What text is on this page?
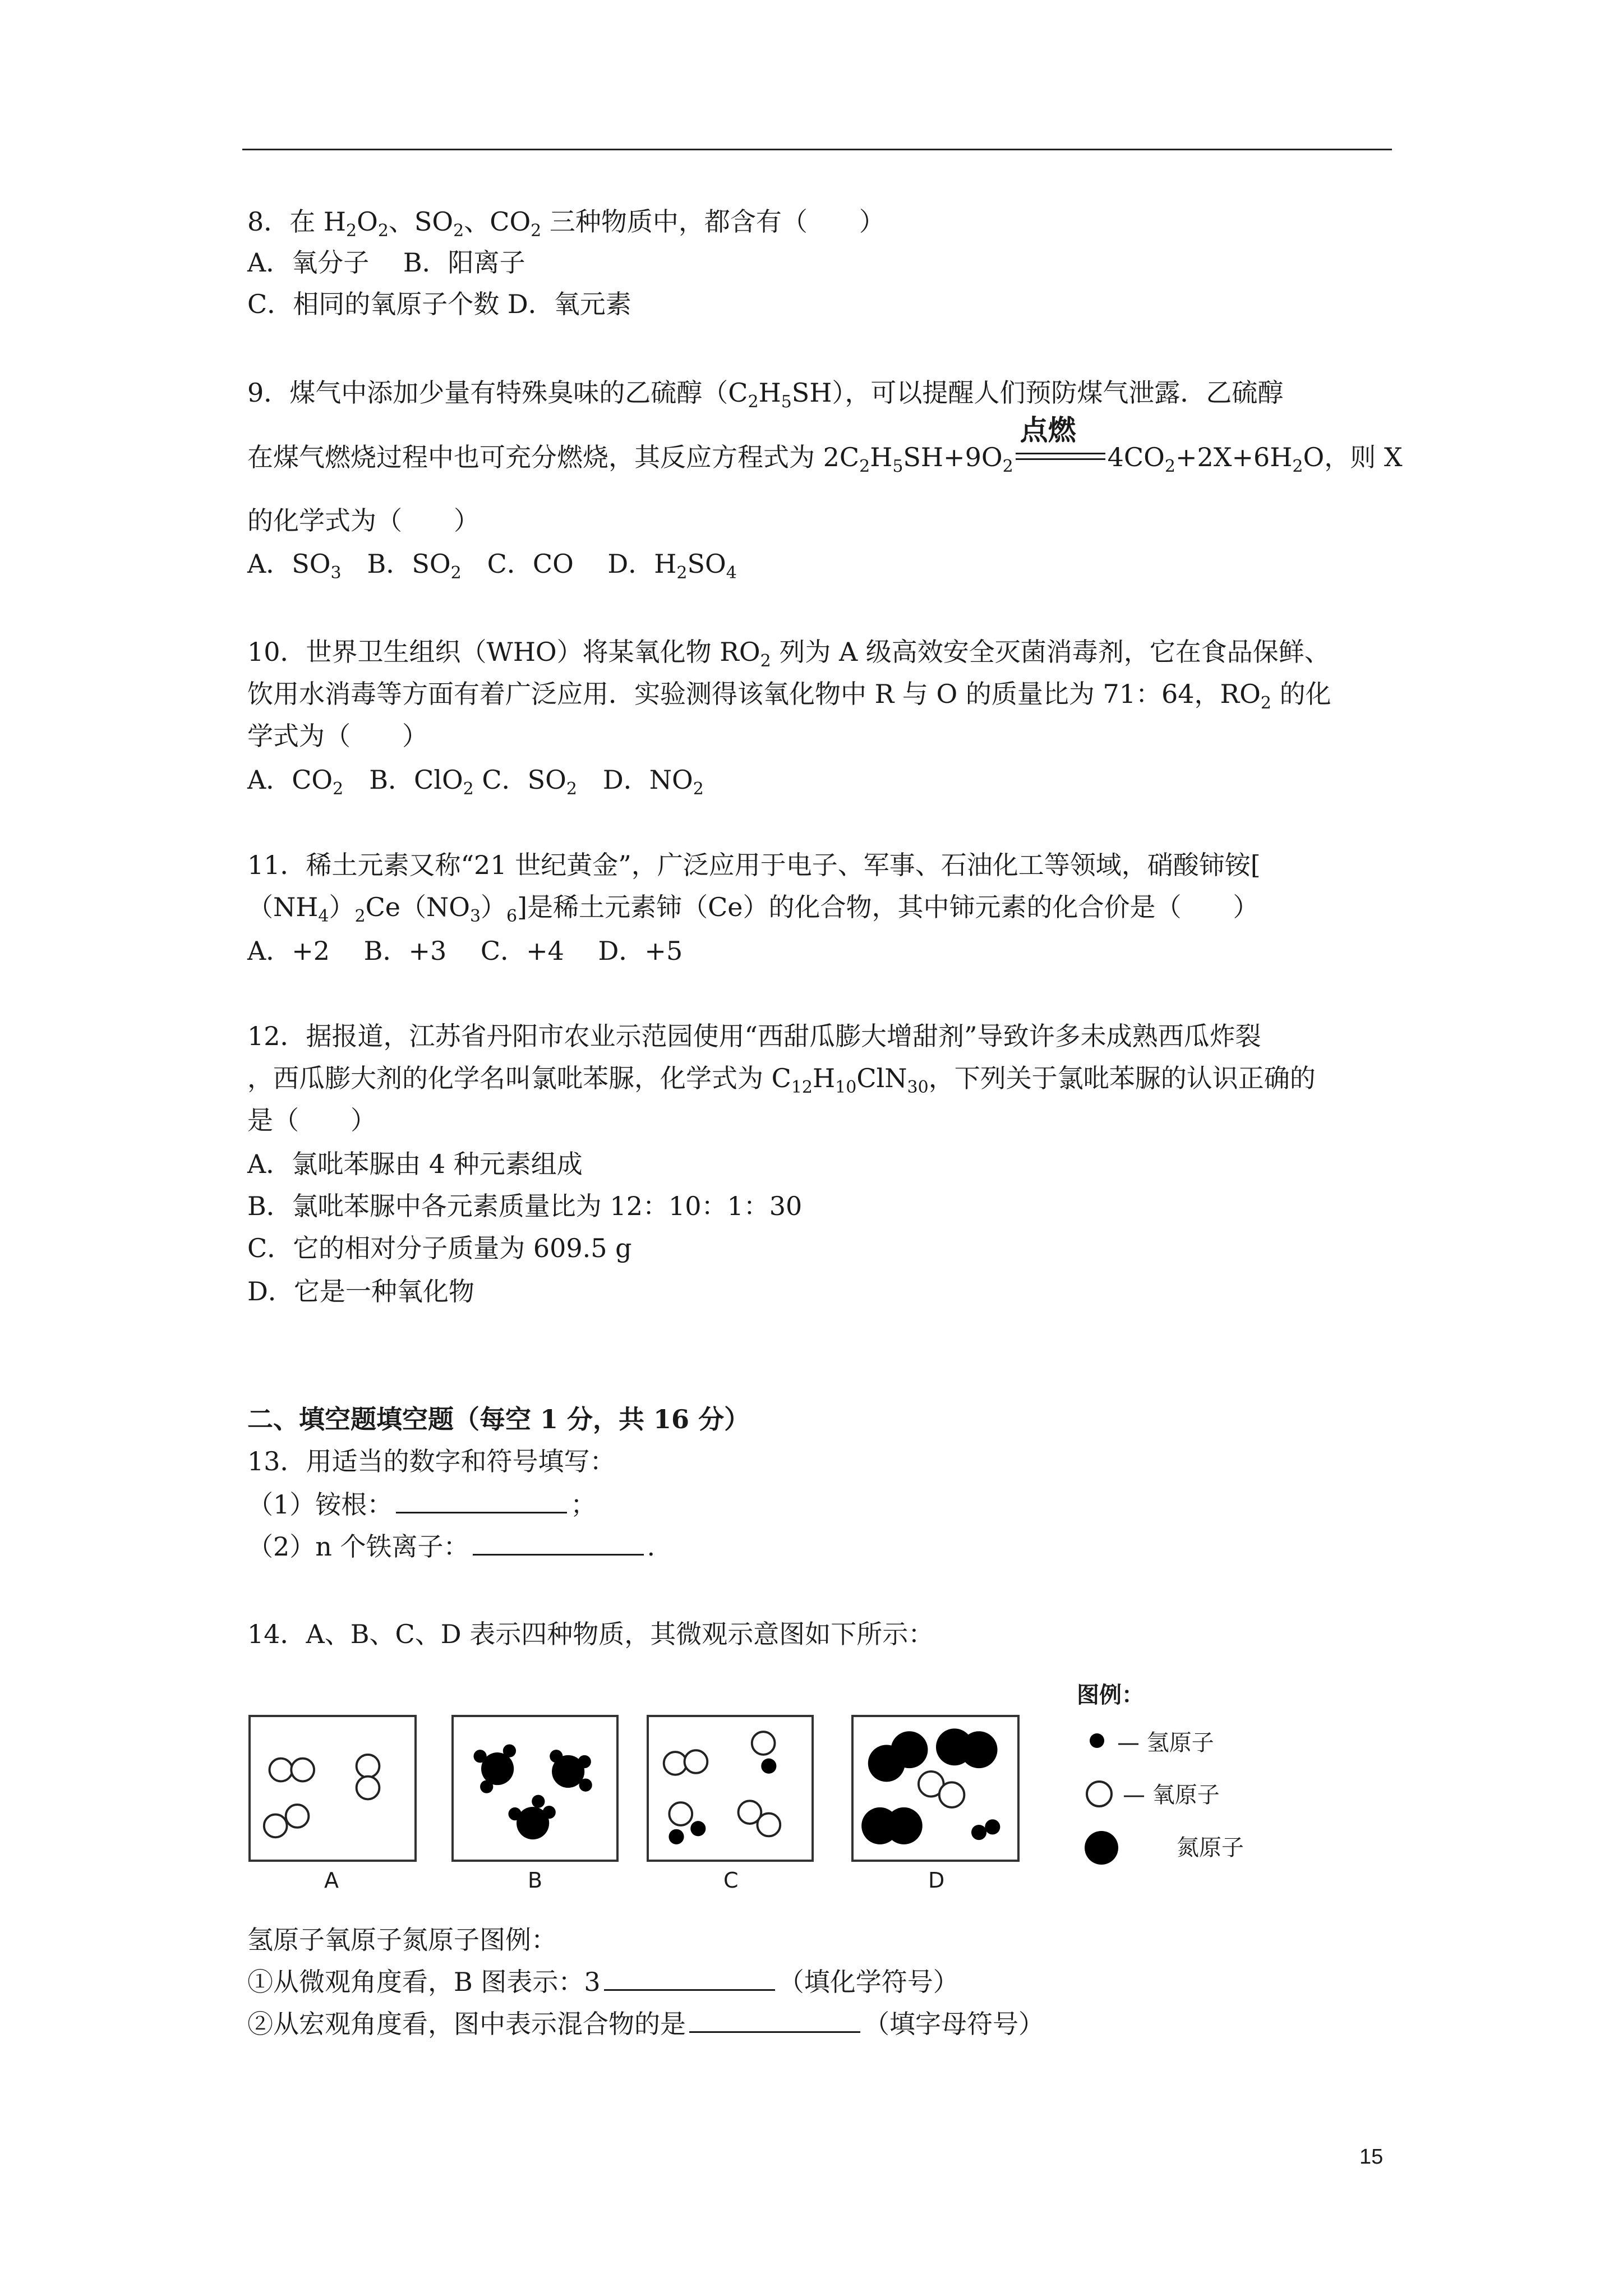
8．在 $H_2O_2$、$SO_2$、$CO_2$ 三种物质中，都含有（　　）
A．氧分子　 B．阳离子
C．相同的氧原子个数 D．氧元素
9．煤气中添加少量有特殊臭味的乙硫醇$(C_2H_5SH)$，可以提醒人们预防煤气泄露．乙硫醇
在煤气燃烧过程中也可充分燃烧，其反应方程式为 $2C_2H_5SH+9O_2$
点燃
$4CO_2+2X+6H_2O$，则 X
的化学式为（　　）
A．$SO_3$　B．$SO_2$　C．CO　 D．$H_2SO_4$
10．世界卫生组织（WHO）将某氧化物 $RO_2$ 列为 A 级高效安全灭菌消毒剂，它在食品保鲜、
饮用水消毒等方面有着广泛应用．实验测得该氧化物中 R 与 O 的质量比为 71：64，$RO_2$ 的化
学式为（　　）
A．$CO_2$　B．ClO$_2$ C．$SO_2$　D．$NO_2$
11．稀土元素又称“21 世纪黄金”，广泛应用于电子、军事、石油化工等领域，硝酸铈铵[
$(NH_4)_2Ce(NO_3)_6$]是稀土元素铈（Ce）的化合物，其中铈元素的化合价是（　　）
A．+2　 B．+3　 C．+4　 D．+5
12．据报道，江苏省丹阳市农业示范园使用“西甜瓜膨大增甜剂”导致许多未成熟西瓜炸裂
，西瓜膨大剂的化学名叫氯吡苯脲，化学式为 $C_{12}H_{10}ClN_{30}$，下列关于氯吡苯脲的认识正确的
是（　　）
A．氯吡苯脲由 4 种元素组成
B．氯吡苯脲中各元素质量比为 12：10：1：30
C．它的相对分子质量为 609.5 g
D．它是一种氧化物
二、填空题填空题（每空 1 分，共 16 分）
13．用适当的数字和符号填写：
（1）铵根：	；
（2）n 个铁离子：	.
14．A、B、C、D 表示四种物质，其微观示意图如下所示：
A	B	C	D
图例：
— 氢原子
— 氧原子
氮原子
氢原子氧原子氮原子图例：
①从微观角度看，B 图表示：3	（填化学符号）
②从宏观角度看，图中表示混合物的是	（填字母符号）
15
